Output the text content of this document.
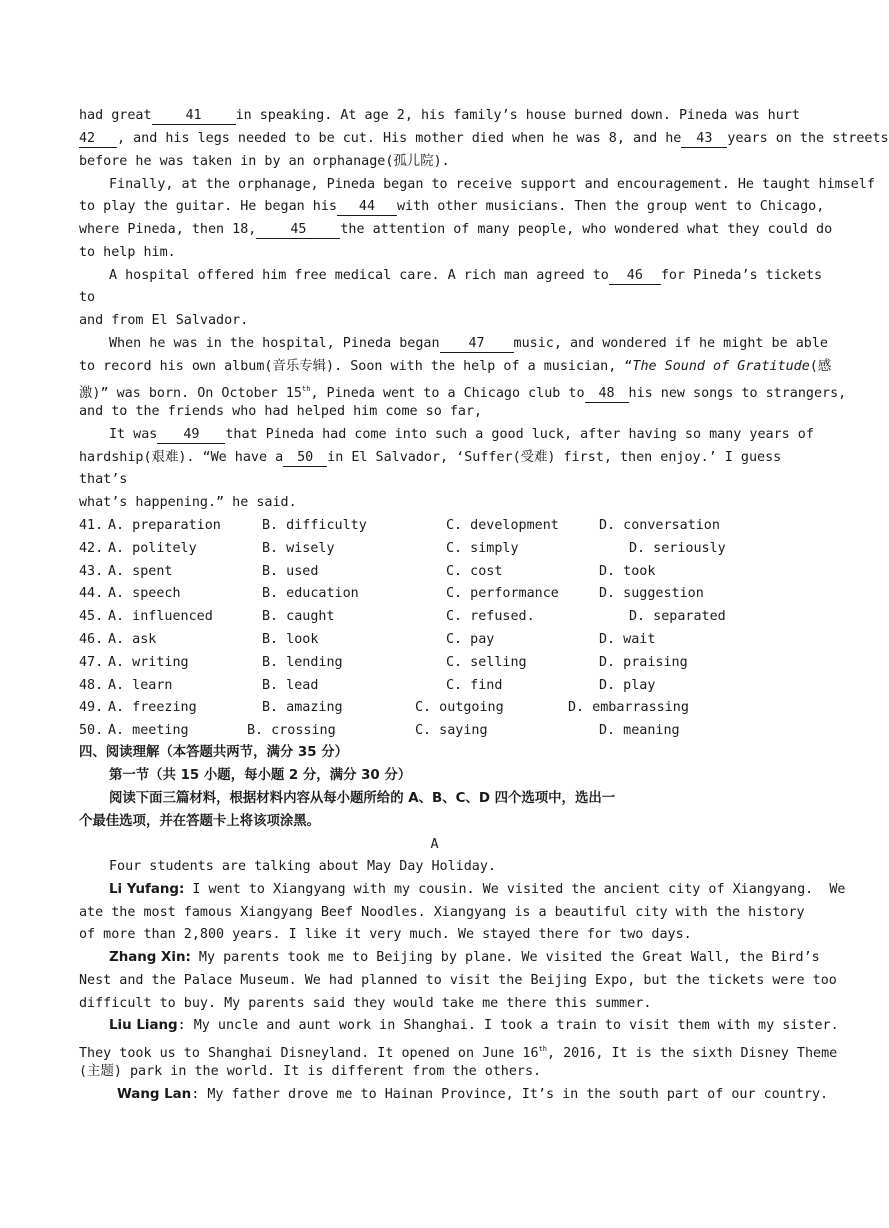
had great	41	in speaking. At age 2, his family’s house burned down. Pineda was hurt
42 , and his legs needed to be cut. His mother died when he was 8, and he 43 years on the streets
before he was taken in by an orphanage(孤儿院).
Finally, at the orphanage, Pineda began to receive support and encouragement. He taught himself
to play the guitar. He began his 44 with other musicians. Then the group went to Chicago,
where Pineda, then 18,	45	the attention of many people, who wondered what they could do
to help him.
A hospital offered him free medical care. A rich man agreed to 46 for Pineda’s tickets
to
and from El Salvador.
When he was in the hospital, Pineda began 47 music, and wondered if he might be able
to record his own album(音乐专辑). Soon with the help of a musician, “The Sound of Gratitude(感
激)” was born. On October 15th, Pineda went to a Chicago club to 48 his new songs to strangers,
and to the friends who had helped him come so far,
It was 49 that Pineda had come into such a good luck, after having so many years of
hardship(艰难). “We have a 50 in El Salvador, ‘Suffer(受难) first, then enjoy.’ I guess
that’s
what’s happening.” he said.
41. A. preparation	B. difficulty	C. development	D. conversation
42. A. politely	B. wisely	C. simply	D. seriously
43. A. spent	B. used	C. cost	D. took
44. A. speech	B. education	C. performance	D. suggestion
45. A. influenced	B. caught	C. refused.	D. separated
46. A. ask	B. look	C. pay	D. wait
47. A. writing	B. lending	C. selling	D. praising
48. A. learn	B. lead	C. find	D. play
49. A. freezing	B. amazing	C. outgoing	D. embarrassing
50. A. meeting	B. crossing	C. saying	D. meaning
四、阅读理解（本答题共两节，满分 35 分）
第一节（共 15 小题，每小题 2 分，满分 30 分）
阅读下面三篇材料，根据材料内容从每小题所给的 A、B、C、D 四个选项中，选出一
个最佳选项，并在答题卡上将该项涂黑。
A
Four students are talking about May Day Holiday.
Li Yufang: I went to Xiangyang with my cousin. We visited the ancient city of Xiangyang.  We
ate the most famous Xiangyang Beef Noodles. Xiangyang is a beautiful city with the history
of more than 2,800 years. I like it very much. We stayed there for two days.
Zhang Xin: My parents took me to Beijing by plane. We visited the Great Wall, the Bird’s
Nest and the Palace Museum. We had planned to visit the Beijing Expo, but the tickets were too
difficult to buy. My parents said they would take me there this summer.
Liu Liang: My uncle and aunt work in Shanghai. I took a train to visit them with my sister.
They took us to Shanghai Disneyland. It opened on June 16th, 2016, It is the sixth Disney Theme
(主题) park in the world. It is different from the others.
Wang Lan: My father drove me to Hainan Province, It’s in the south part of our country.
